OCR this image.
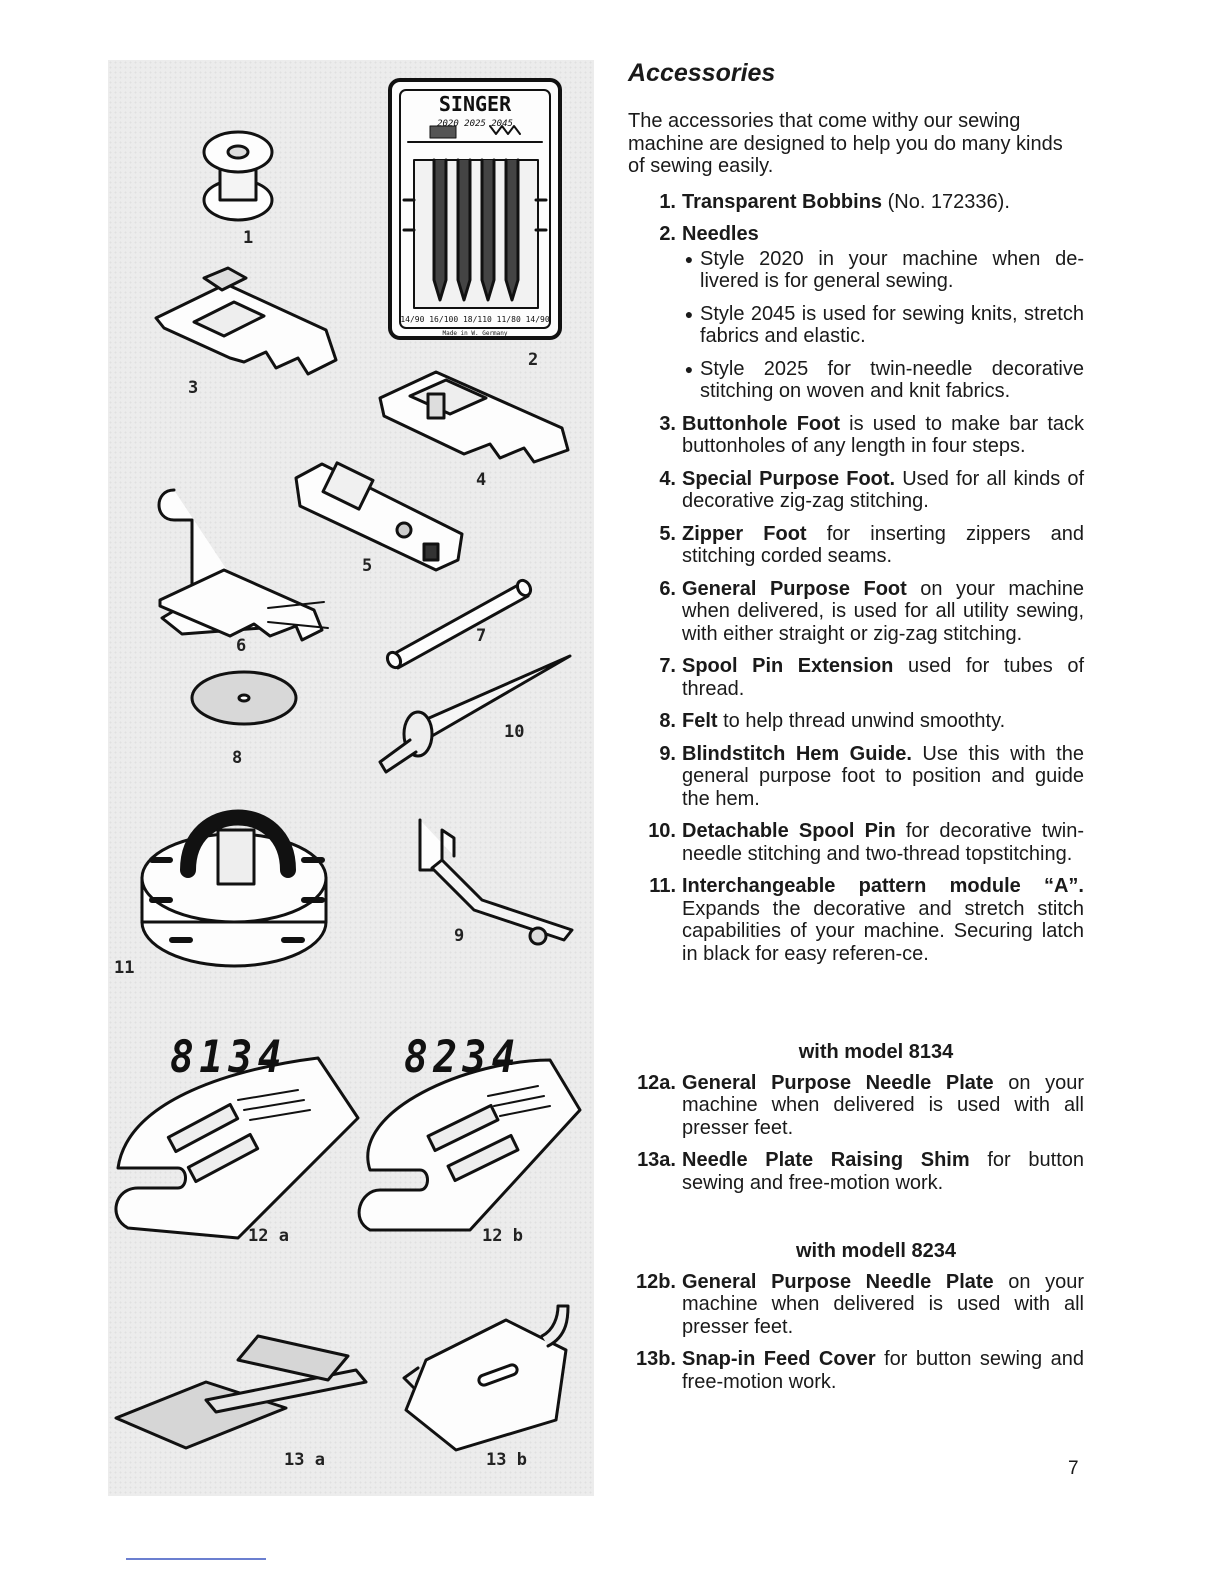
SINGER
2020 2025 2045
14/90 16/100 18/110 11/80 14/90
Made in W. Germany
1
2
3
4
5
6	7
8
9
10
11
12 a	12 b
13 a	13 b
8134	8234
Accessories

The accessories that come withy our sewing machine are designed to help you do many kinds of sewing easily.

1. Transparent Bobbins (No. 172336).
2. Needles
● Style 2020 in your machine when de-livered is for general sewing.
● Style 2045 is used for sewing knits, stretch fabrics and elastic.
● Style 2025 for twin-needle decorative stitching on woven and knit fabrics.
3. Buttonhole Foot is used to make bar tack buttonholes of any length in four steps.
4. Special Purpose Foot. Used for all kinds of decorative zig-zag stitching.
5. Zipper Foot for inserting zippers and stitching corded seams.
6. General Purpose Foot on your machine when delivered, is used for all utility sewing, with either straight or zig-zag stitching.
7. Spool Pin Extension used for tubes of thread.
8. Felt to help thread unwind smoothty.
9. Blindstitch Hem Guide. Use this with the general purpose foot to position and guide the hem.
10. Detachable Spool Pin for decorative twin-needle stitching and two-thread topstitching.
11. Interchangeable pattern module “A”. Expands the decorative and stretch stitch capabilities of your machine. Securing latch in black for easy referen-ce.
with model 8134
12a. General Purpose Needle Plate on your machine when delivered is used with all presser feet.
13a. Needle Plate Raising Shim for button sewing and free-motion work.
with modell 8234
12b. General Purpose Needle Plate on your machine when delivered is used with all presser feet.
13b. Snap-in Feed Cover for button sewing and free-motion work.
7
